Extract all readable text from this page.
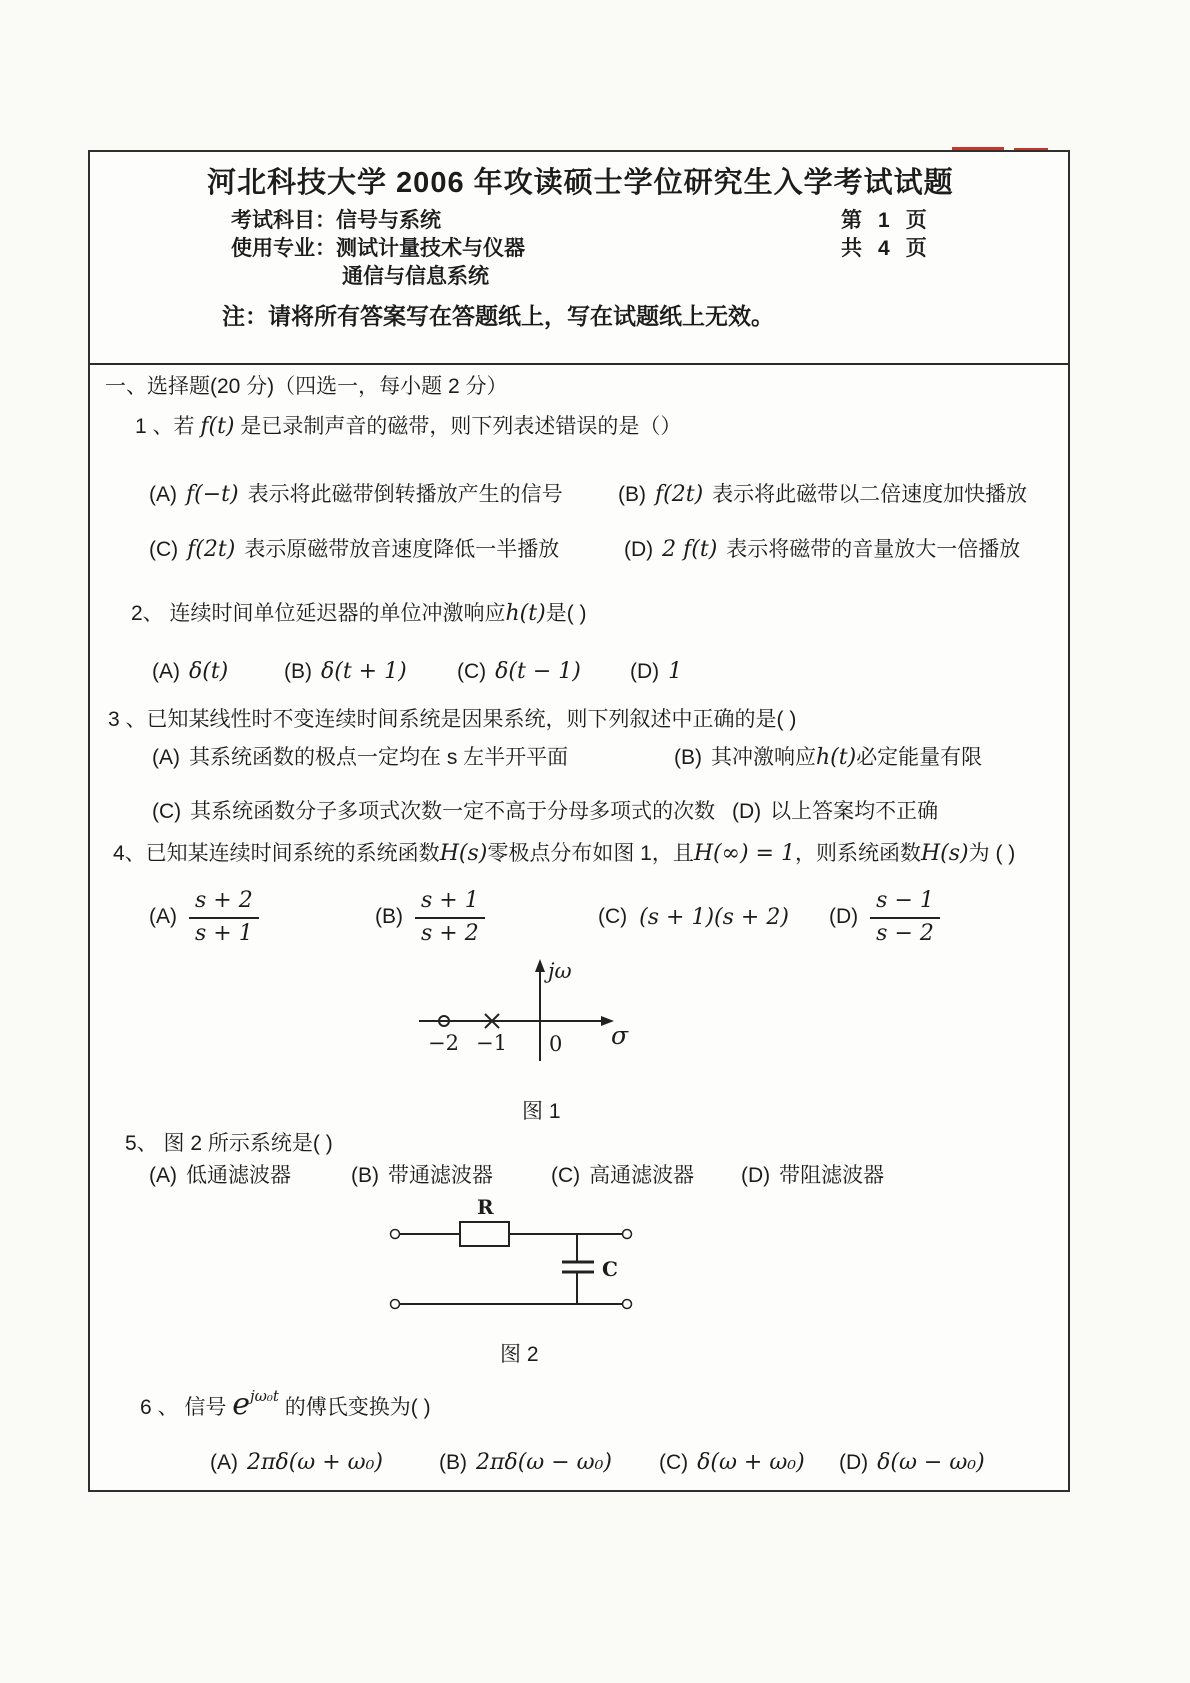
河北科技大学 2006 年攻读硕士学位研究生入学考试试题
考试科目：信号与系统	第 1 页
使用专业：测试计量技术与仪器	共 4 页
通信与信息系统
注：请将所有答案写在答题纸上，写在试题纸上无效。
一、选择题(20 分)（四选一，每小题 2 分）
1 、若 f(t) 是已录制声音的磁带，则下列表述错误的是（）
(A) f(−t) 表示将此磁带倒转播放产生的信号	(B) f(2t) 表示将此磁带以二倍速度加快播放
(C) f(2t) 表示原磁带放音速度降低一半播放	(D) 2 f(t) 表示将磁带的音量放大一倍播放
2、 连续时间单位延迟器的单位冲激响应h(t)是( )
(A) δ(t)	(B) δ(t + 1) (C) δ(t − 1) (D) 1
3 、已知某线性时不变连续时间系统是因果系统，则下列叙述中正确的是( )
(A) 其系统函数的极点一定均在 s 左半开平面	(B) 其冲激响应h(t)必定能量有限
(C) 其系统函数分子多项式次数一定不高于分母多项式的次数 (D) 以上答案均不正确
4、已知某连续时间系统的系统函数H(s)零极点分布如图 1，且H(∞) = 1，则系统函数H(s)为 ( )
$(A) \frac{s + 2}{s + 1}$	$(B) \frac{s + 1}{s + 2}$	(C) (s + 1)(s + 2) $(D) \frac{s - 1}{s - 2}$
jω
σ
−2 −1 0
图 1
5、 图 2 所示系统是( )
(A) 低通滤波器	(B) 带通滤波器	(C) 高通滤波器 (D) 带阻滤波器
R
C
图 2
6 、 信号 $e^{j\omega_0t}$ 的傅氏变换为( )
(A) 2πδ(ω + ω₀)	(B) 2πδ(ω − ω₀) (C) δ(ω + ω₀) (D) δ(ω − ω₀)
